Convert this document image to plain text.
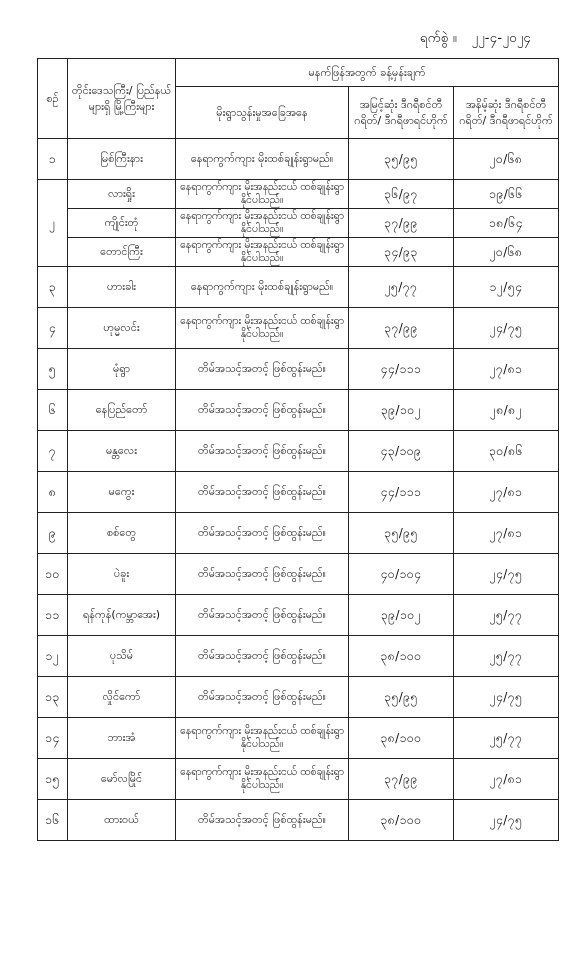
ရက်စွဲ ။ ၂၂-၄-၂၀၂၄
စဉ်	တိုင်းဒေသကြီး/ ပြည်နယ်များရှိ မြို့ကြီးများ	မနက်ဖြန်အတွက် ခန့်မှန်းချက်		
		မိုးရွာသွန်းမှုအခြေအနေ	အမြင့်ဆုံး ဒီဂရီစင်တီဂရိတ်/ ဒီဂရီဖာရင်ဟိုက်	အနိမ့်ဆုံး ဒီဂရီစင်တီဂရိတ်/ ဒီဂရီဖာရင်ဟိုက်
၁	မြစ်ကြီးနား	နေရာကွက်ကျား မိုးထစ်ချုန်းရွာမည်။	၃၅/၉၅	၂၀/၆၈
၂	လားရှိုး	နေရာကွက်ကျား မိုးအနည်းငယ် ထစ်ချုန်းရွာနိုင်ပါသည်။	၃၆/၉၇	၁၉/၆၆
	ကျိုင်းတုံ	နေရာကွက်ကျား မိုးအနည်းငယ် ထစ်ချုန်းရွာနိုင်ပါသည်။	၃၇/၉၉	၁၈/၆၄
	တောင်ကြီး	နေရာကွက်ကျား မိုးအနည်းငယ် ထစ်ချုန်းရွာနိုင်ပါသည်။	၃၄/၉၃	၂၀/၆၈
၃	ဟားခါး	နေရာကွက်ကျား မိုးထစ်ချုန်းရွာမည်။	၂၅/၇၇	၁၂/၅၄
၄	ဟုမ္မလင်း	နေရာကွက်ကျား မိုးအနည်းငယ် ထစ်ချုန်းရွာနိုင်ပါသည်။	၃၇/၉၉	၂၄/၇၅
၅	မုံရွာ	တိမ်အသင့်အတင့် ဖြစ်ထွန်းမည်။	၄၄/၁၁၁	၂၇/၈၁
၆	နေပြည်တော်	တိမ်အသင့်အတင့် ဖြစ်ထွန်းမည်။	၃၉/၁၀၂	၂၈/၈၂
၇	မန္တလေး	တိမ်အသင့်အတင့် ဖြစ်ထွန်းမည်။	၄၃/၁၀၉	၃၀/၈၆
၈	မကွေး	တိမ်အသင့်အတင့် ဖြစ်ထွန်းမည်။	၄၄/၁၁၁	၂၇/၈၁
၉	စစ်တွေ	တိမ်အသင့်အတင့် ဖြစ်ထွန်းမည်။	၃၅/၉၅	၂၇/၈၁
၁၀	ပဲခူး	တိမ်အသင့်အတင့် ဖြစ်ထွန်းမည်။	၄၀/၁၀၄	၂၄/၇၅
၁၁	ရန်ကုန်(ကမ္ဘာအေး)	တိမ်အသင့်အတင့် ဖြစ်ထွန်းမည်။	၃၉/၁၀၂	၂၅/၇၇
၁၂	ပုသိမ်	တိမ်အသင့်အတင့် ဖြစ်ထွန်းမည်။	၃၈/၁၀၀	၂၅/၇၇
၁၃	လှိုင်ကော်	တိမ်အသင့်အတင့် ဖြစ်ထွန်းမည်။	၃၅/၉၅	၂၄/၇၅
၁၄	ဘားအံ	နေရာကွက်ကျား မိုးအနည်းငယ် ထစ်ချုန်းရွာနိုင်ပါသည်။	၃၈/၁၀၀	၂၅/၇၇
၁၅	မော်လမြိုင်	နေရာကွက်ကျား မိုးအနည်းငယ် ထစ်ချုန်းရွာနိုင်ပါသည်။	၃၇/၉၉	၂၇/၈၁
၁၆	ထားဝယ်	တိမ်အသင့်အတင့် ဖြစ်ထွန်းမည်။	၃၈/၁၀၀	၂၄/၇၅
